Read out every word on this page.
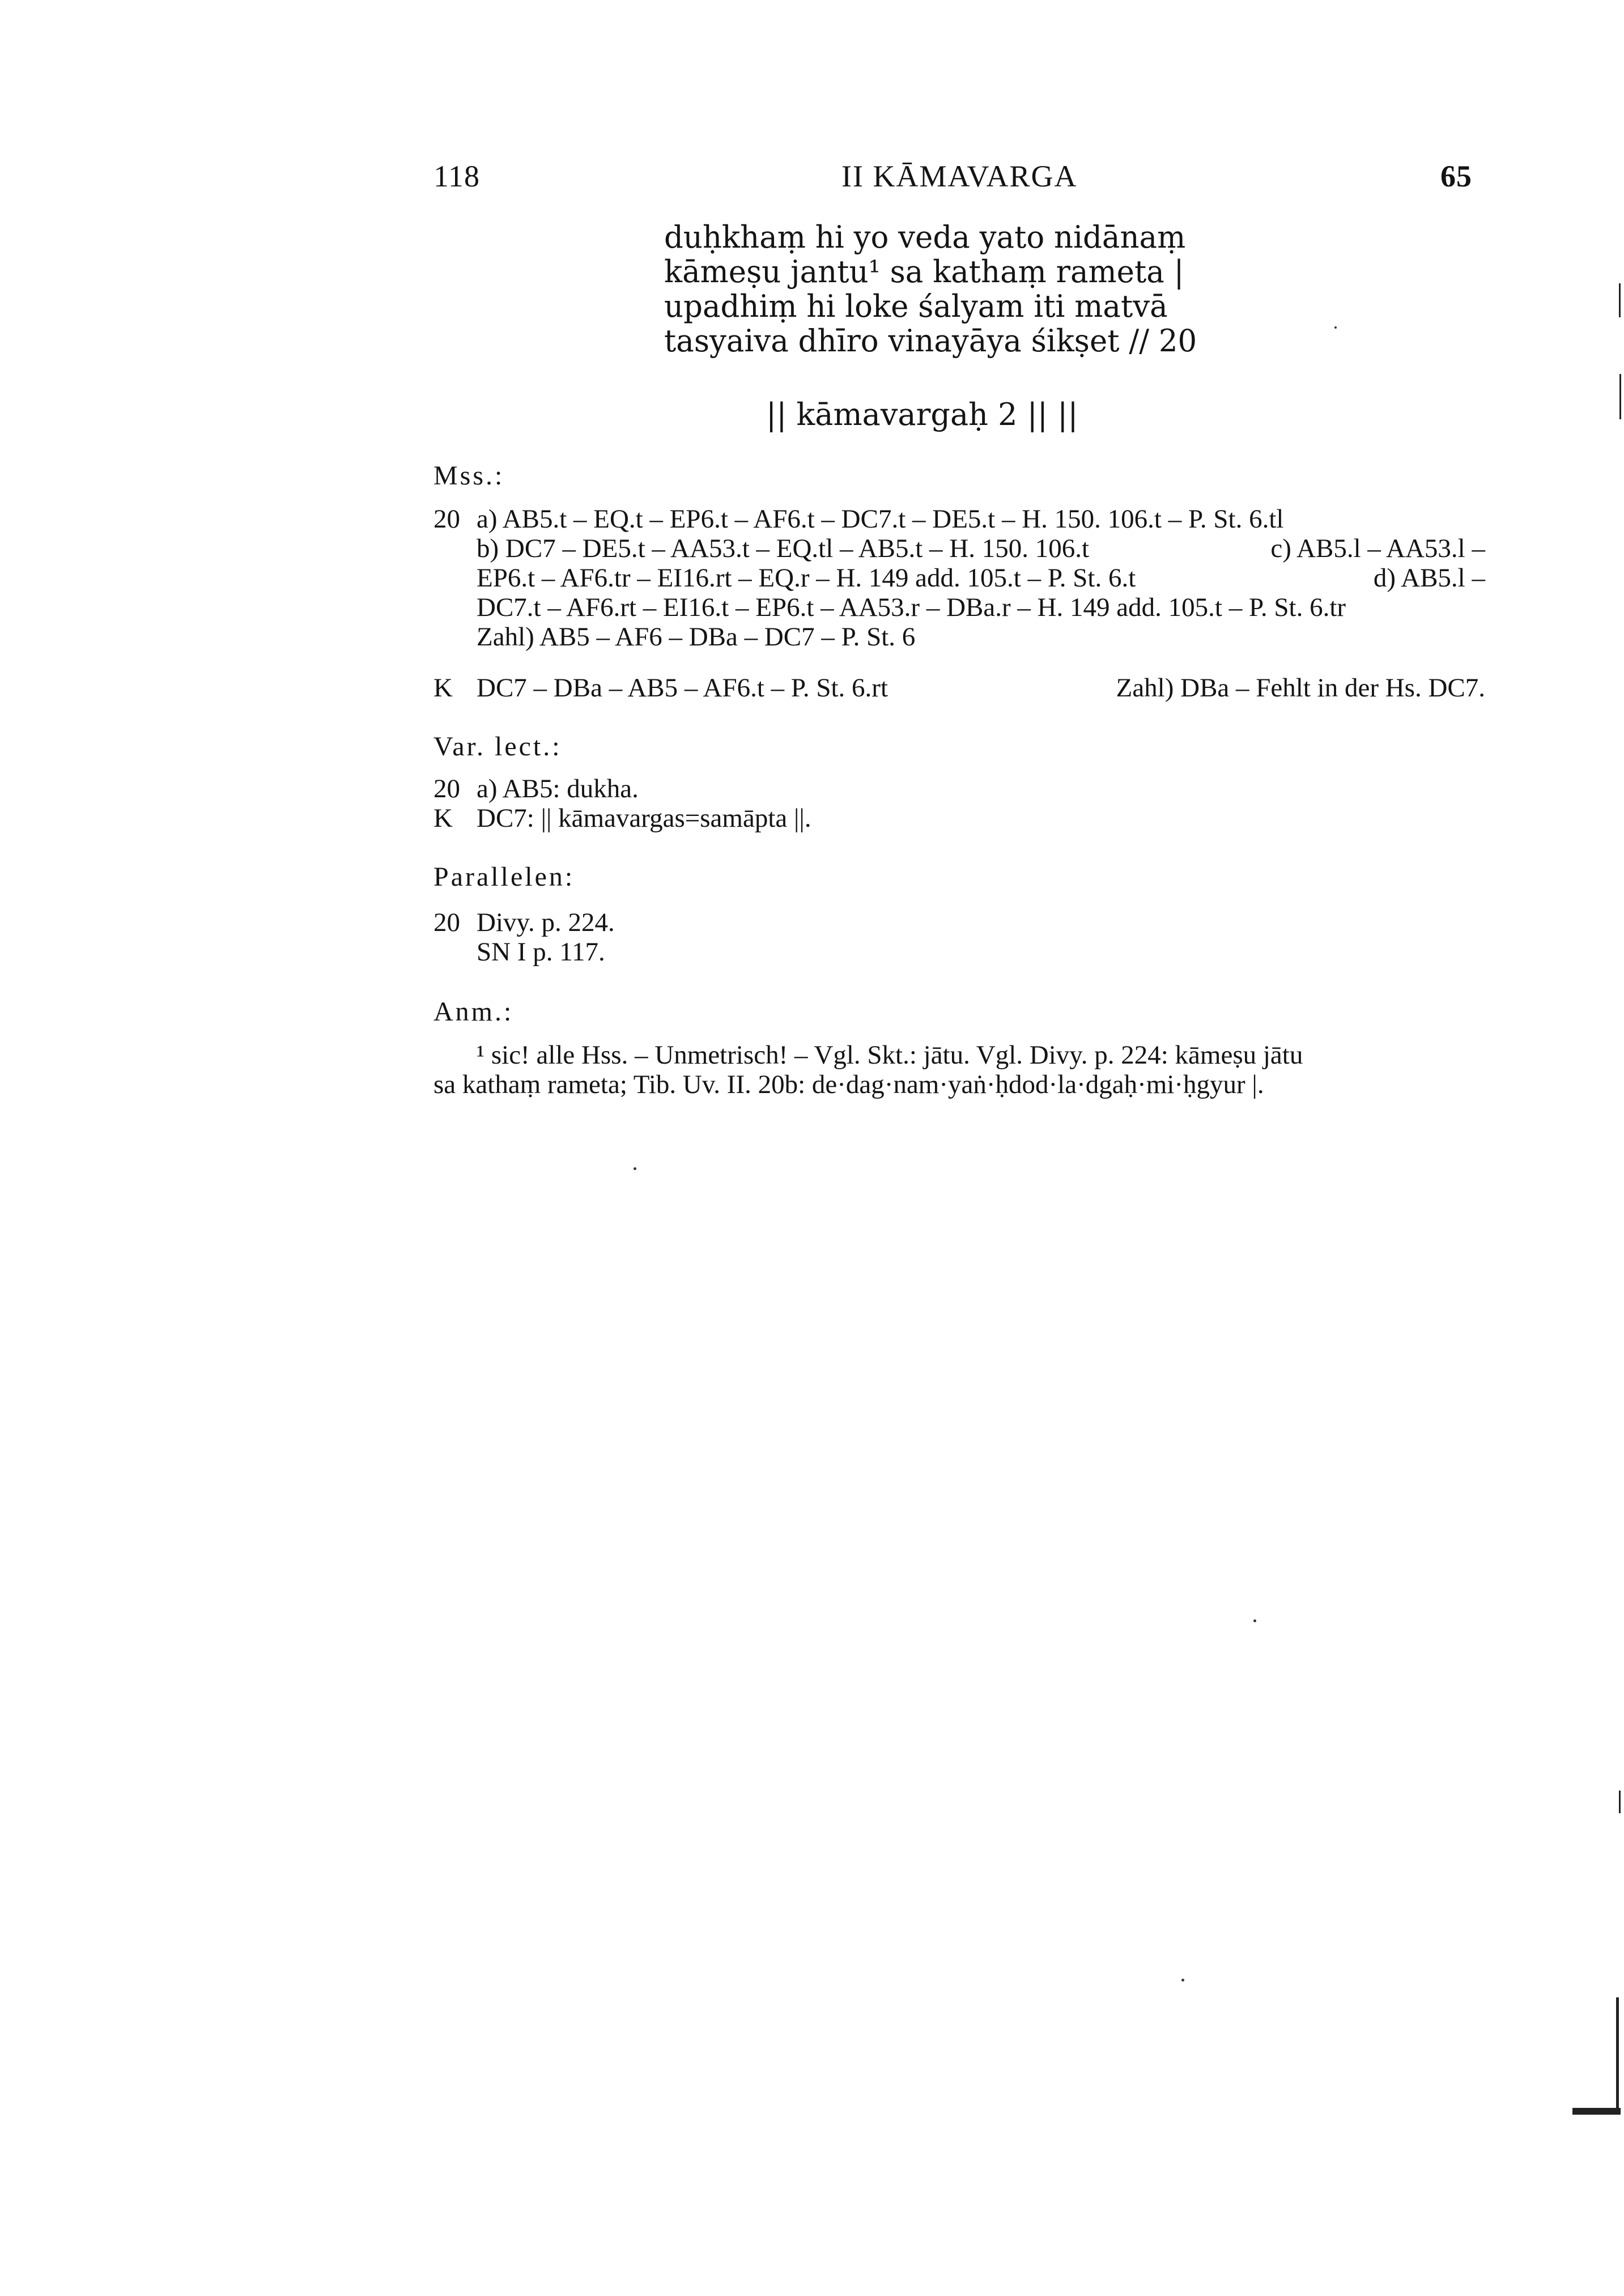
118	II KĀMAVARGA	65
duḥkhaṃ hi yo veda yato nidānaṃ
kāmeṣu jantu¹ sa kathaṃ rameta |
upadhiṃ hi loke śalyam iti matvā
tasyaiva dhīro vinayāya śikṣet // 20
|| kāmavargaḥ 2 || ||
Mss.:
20 a) AB5.t – EQ.t – EP6.t – AF6.t – DC7.t – DE5.t – H. 150. 106.t – P. St. 6.tl
b) DC7 – DE5.t – AA53.t – EQ.tl – AB5.t – H. 150. 106.t	c) AB5.l – AA53.l –
EP6.t – AF6.tr – EI16.rt – EQ.r – H. 149 add. 105.t – P. St. 6.t	d) AB5.l –
DC7.t – AF6.rt – EI16.t – EP6.t – AA53.r – DBa.r – H. 149 add. 105.t – P. St. 6.tr
Zahl) AB5 – AF6 – DBa – DC7 – P. St. 6
K DC7 – DBa – AB5 – AF6.t – P. St. 6.rt	Zahl) DBa – Fehlt in der Hs. DC7.
Var. lect.:
20 a) AB5: dukha.
K DC7: || kāmavargas=samāpta ||.
Parallelen:
20 Divy. p. 224.
SN I p. 117.
Anm.:
¹ sic! alle Hss. – Unmetrisch! – Vgl. Skt.: jātu. Vgl. Divy. p. 224: kāmeṣu jātu
sa kathaṃ rameta; Tib. Uv. II. 20b: de·dag·nam·yaṅ·ḥdod·la·dgaḥ·mi·ḥgyur |.
